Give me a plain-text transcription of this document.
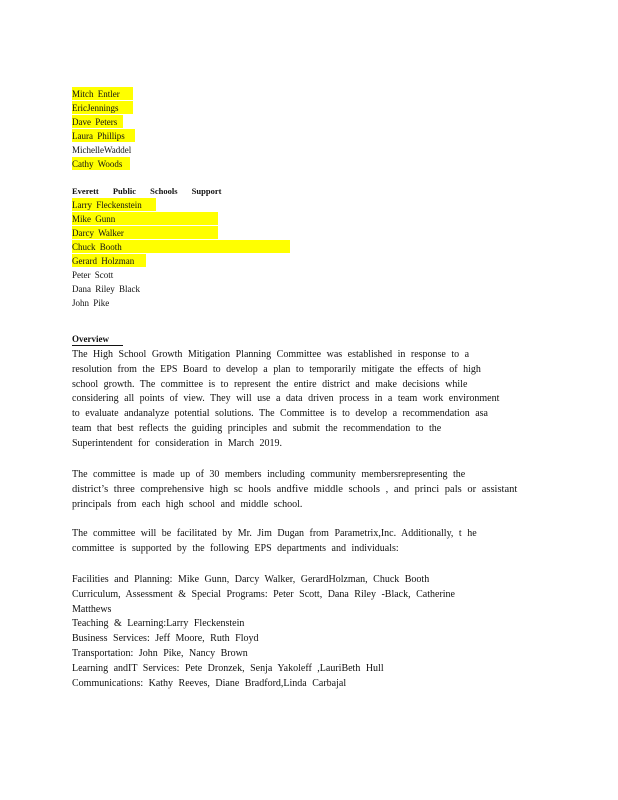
Mitch Entler
EricJennings
Dave Peters
Laura Phillips
MichelleWaddel
Cathy Woods
Everett Public Schools Support
Larry Fleckenstein
Mike Gunn
Darcy Walker
Chuck Booth
Gerard Holzman
Peter Scott
Dana Riley Black
John Pike
Overview
The High School Growth Mitigation Planning Committee was established in response to a
resolution from the EPS Board to develop a plan to temporarily mitigate the effects of high
school growth. The committee is to represent the entire district and make decisions while
considering all points of view. They will use a data driven process in a team work environment
to evaluate andanalyze potential solutions. The Committee is to develop a recommendation asa
team that best reflects the guiding principles and submit the recommendation to the
Superintendent for consideration in March 2019.
The committee is made up of 30 members including community membersrepresenting the
district’s three comprehensive high sc hools andfive middle schools , and princi pals or assistant
principals from each high school and middle school.
The committee will be facilitated by Mr. Jim Dugan from Parametrix,Inc. Additionally, t he
committee is supported by the following EPS departments and individuals:
Facilities and Planning: Mike Gunn, Darcy Walker, GerardHolzman, Chuck Booth
Curriculum, Assessment & Special Programs: Peter Scott, Dana Riley -Black, Catherine
Matthews
Teaching & Learning:Larry Fleckenstein
Business Services: Jeff Moore, Ruth Floyd
Transportation: John Pike, Nancy Brown
Learning andIT Services: Pete Dronzek, Senja Yakoleff ,LauriBeth Hull
Communications: Kathy Reeves, Diane Bradford,Linda Carbajal
